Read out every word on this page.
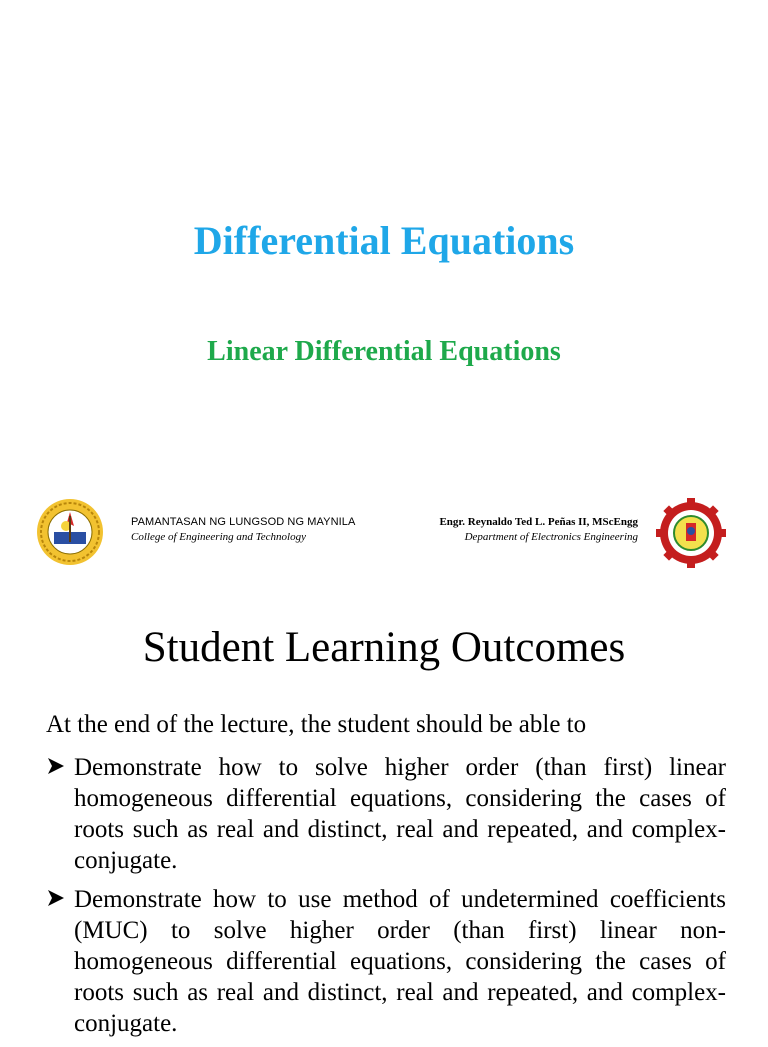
Differential Equations
Linear Differential Equations
PAMANTASAN NG LUNGSOD NG MAYNILA
College of Engineering and Technology
Engr. Reynaldo Ted L. Peñas II, MScEngg
Department of Electronics Engineering
Student Learning Outcomes
At the end of the lecture, the student should be able to
Demonstrate how to solve higher order (than first) linear homogeneous differential equations, considering the cases of roots such as real and distinct, real and repeated, and complex-conjugate.
Demonstrate how to use method of undetermined coefficients (MUC) to solve higher order (than first) linear non-homogeneous differential equations, considering the cases of roots such as real and distinct, real and repeated, and complex-conjugate.
